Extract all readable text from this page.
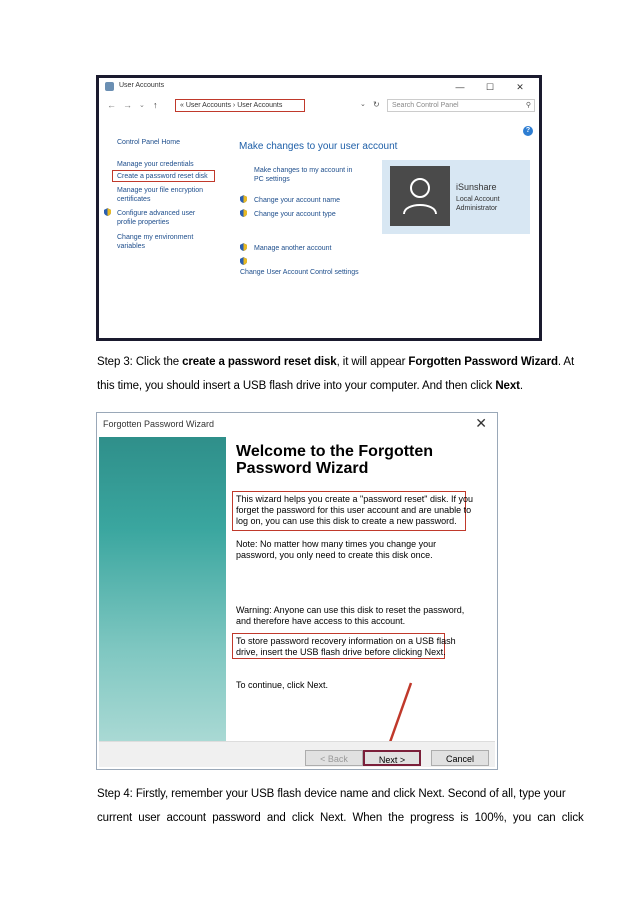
User Accounts	—	☐	✕
← → ⌄ ↑	« User Accounts › User Accounts	⌄ ↻	Search Control Panel	⚲
?
Control Panel Home
Manage your credentials
Create a password reset disk
Manage your file encryption
certificates
Configure advanced user
profile properties
Change my environment
variables
Make changes to your user account
Make changes to my account in
PC settings
Change your account name
Change your account type
Manage another account
Change User Account Control settings
iSunshare
Local Account
Administrator
Step 3: Click the create a password reset disk, it will appear Forgotten Password Wizard. At
this time, you should insert a USB flash drive into your computer. And then click Next.
Forgotten Password Wizard	✕
Welcome to the Forgotten
Password Wizard
This wizard helps you create a "password reset" disk. If you
forget the password for this user account and are unable to
log on, you can use this disk to create a new password.
Note: No matter how many times you change your
password, you only need to create this disk once.
Warning: Anyone can use this disk to reset the password,
and therefore have access to this account.
To store password recovery information on a USB flash
drive, insert the USB flash drive before clicking Next.
To continue, click Next.
< Back	Next >	Cancel
Step 4: Firstly, remember your USB flash device name and click Next. Second of all, type your
current  user  account  password  and  click  Next.  When  the  progress  is  100%,  you  can  click
